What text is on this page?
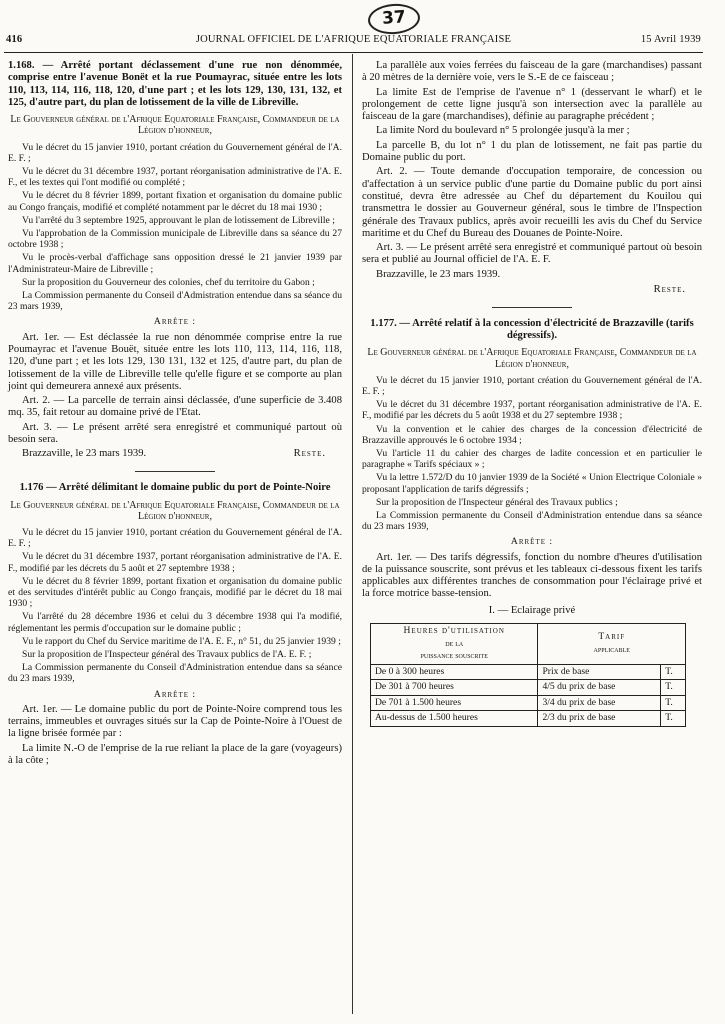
37
416	JOURNAL OFFICIEL DE L'AFRIQUE EQUATORIALE FRANÇAISE	15 Avril 1939

1.168. — Arrêté portant déclassement d'une rue non dénommée, comprise entre l'avenue Bonët et la rue Poumayrac, située entre les lots 110, 113, 114, 116, 118, 120, d'une part ; et les lots 129, 130, 131, 132, et 125, d'autre part, du plan de lotissement de la ville de Libreville.

Le Gouverneur général de l'Afrique Equatoriale Française, Commandeur de la Légion d'honneur,

Vu le décret du 15 janvier 1910, portant création du Gouvernement général de l'A. E. F. ;

Vu le décret du 31 décembre 1937, portant réorganisation administrative de l'A. E. F., et les textes qui l'ont modifié ou complété ;

Vu le décret du 8 février 1899, portant fixation et organisation du domaine public au Congo français, modifié et complété notamment par le décret du 18 mai 1930 ;

Vu l'arrêté du 3 septembre 1925, approuvant le plan de lotissement de Libreville ;

Vu l'approbation de la Commission municipale de Libreville dans sa séance du 27 octobre 1938 ;

Vu le procès-verbal d'affichage sans opposition dressé le 21 janvier 1939 par l'Administrateur-Maire de Libreville ;

Sur la proposition du Gouverneur des colonies, chef du territoire du Gabon ;

La Commission permanente du Conseil d'Admistration entendue dans sa séance du 23 mars 1939,

Arrête :

Art. 1er. — Est déclassée la rue non dénommée comprise entre la rue Poumayrac et l'avenue Bouët, située entre les lots 110, 113, 114, 116, 118, 120, d'une part ; et les lots 129, 130 131, 132 et 125, d'autre part, du plan de lotissement de la ville de Libreville telle qu'elle figure et se comporte au plan joint qui demeurera annexé aux présents.

Art. 2. — La parcelle de terrain ainsi déclassée, d'une superficie de 3.408 mq. 35, fait retour au domaine privé de l'Etat.

Art. 3. — Le présent arrêté sera enregistré et communiqué partout où besoin sera.

Brazzaville, le 23 mars 1939.	Reste.

1.176 — Arrêté délimitant le domaine public du port de Pointe-Noire

Le Gouverneur général de l'Afrique Equatoriale Française, Commandeur de la Légion d'honneur,

Vu le décret du 15 janvier 1910, portant création du Gouvernement général de l'A. E. F. ;

Vu le décret du 31 décembre 1937, portant réorganisation administrative de l'A. E. F., modifié par les décrets du 5 août et 27 septembre 1938 ;

Vu le décret du 8 février 1899, portant fixation et organisation du domaine public et des servitudes d'intérêt public au Congo français, modifié par le décret du 18 mai 1930 ;

Vu l'arrêté du 28 décembre 1936 et celui du 3 décembre 1938 qui l'a modifié, réglementant les permis d'occupation sur le domaine public ;

Vu le rapport du Chef du Service maritime de l'A. E. F., n° 51, du 25 janvier 1939 ;

Sur la proposition de l'Inspecteur général des Travaux publics de l'A. E. F. ;

La Commission permanente du Conseil d'Administration entendue dans sa séance du 23 mars 1939,

Arrête :

Art. 1er. — Le domaine public du port de Pointe-Noire comprend tous les terrains, immeubles et ouvrages situés sur la Cap de Pointe-Noire à l'Ouest de la ligne brisée formée par :

La limite N.-O de l'emprise de la rue reliant la place de la gare (voyageurs) à la côte ;

La parallèle aux voies ferrées du faisceau de la gare (marchandises) passant à 20 mètres de la dernière voie, vers le S.-E de ce faisceau ;

La limite Est de l'emprise de l'avenue n° 1 (desservant le wharf) et le prolongement de cette ligne jusqu'à son intersection avec la parallèle au faisceau de la gare (marchandises), définie au paragraphe précédent ;

La limite Nord du boulevard n° 5 prolongée jusqu'à la mer ;

La parcelle B, du lot n° 1 du plan de lotissement, ne fait pas partie du Domaine public du port.

Art. 2. — Toute demande d'occupation temporaire, de concession ou d'affectation à un service public d'une partie du Domaine public du port ainsi constitué, devra être adressée au Chef du département du Kouilou qui transmettra le dossier au Gouverneur général, sous le timbre de l'Inspection générale des Travaux publics, après avoir recueilli les avis du Chef du Service maritime et du Chef du Bureau des Douanes de Pointe-Noire.

Art. 3. — Le présent arrêté sera enregistré et communiqué partout où besoin sera et publié au Journal officiel de l'A. E. F.

Brazzaville, le 23 mars 1939.
Reste.

1.177. — Arrêté relatif à la concession d'électricité de Brazzaville (tarifs dégressifs).

Le Gouverneur général de l'Afrique Equatoriale Française, Commandeur de la Légion d'honneur,

Vu le décret du 15 janvier 1910, portant création du Gouvernement général de l'A. E. F. ;

Vu le décret du 31 décembre 1937, portant réorganisation administrative de l'A. E. F., modifié par les décrets du 5 août 1938 et du 27 septembre 1938 ;

Vu la convention et le cahier des charges de la concession d'électricité de Brazzaville approuvés le 6 octobre 1934 ;

Vu l'article 11 du cahier des charges de ladite concession et en particulier le paragraphe « Tarifs spéciaux » ;

Vu la lettre 1.572/D du 10 janvier 1939 de la Société « Union Electrique Coloniale » proposant l'application de tarifs dégressifs ;

Sur la proposition de l'Inspecteur général des Travaux publics ;

La Commission permanente du Conseil d'Administration entendue dans sa séance du 23 mars 1939,

Arrête :

Art. 1er. — Des tarifs dégressifs, fonction du nombre d'heures d'utilisation de la puissance souscrite, sont prévus et les tableaux ci-dessous fixent les tarifs applicables aux différentes tranches de consommation pour l'éclairage privé et la force motrice basse-tension.

I. — Eclairage privé

Heures d'utilisation
de la
puissance souscrite	Tarif
applicable	

De 0 à 300 heures	Prix de base	T.
De 301 à 700 heures	4/5 du prix de base	T.
De 701 à 1.500 heures	3/4 du prix de base	T.
Au-dessus de 1.500 heures	2/3 du prix de base	T.
